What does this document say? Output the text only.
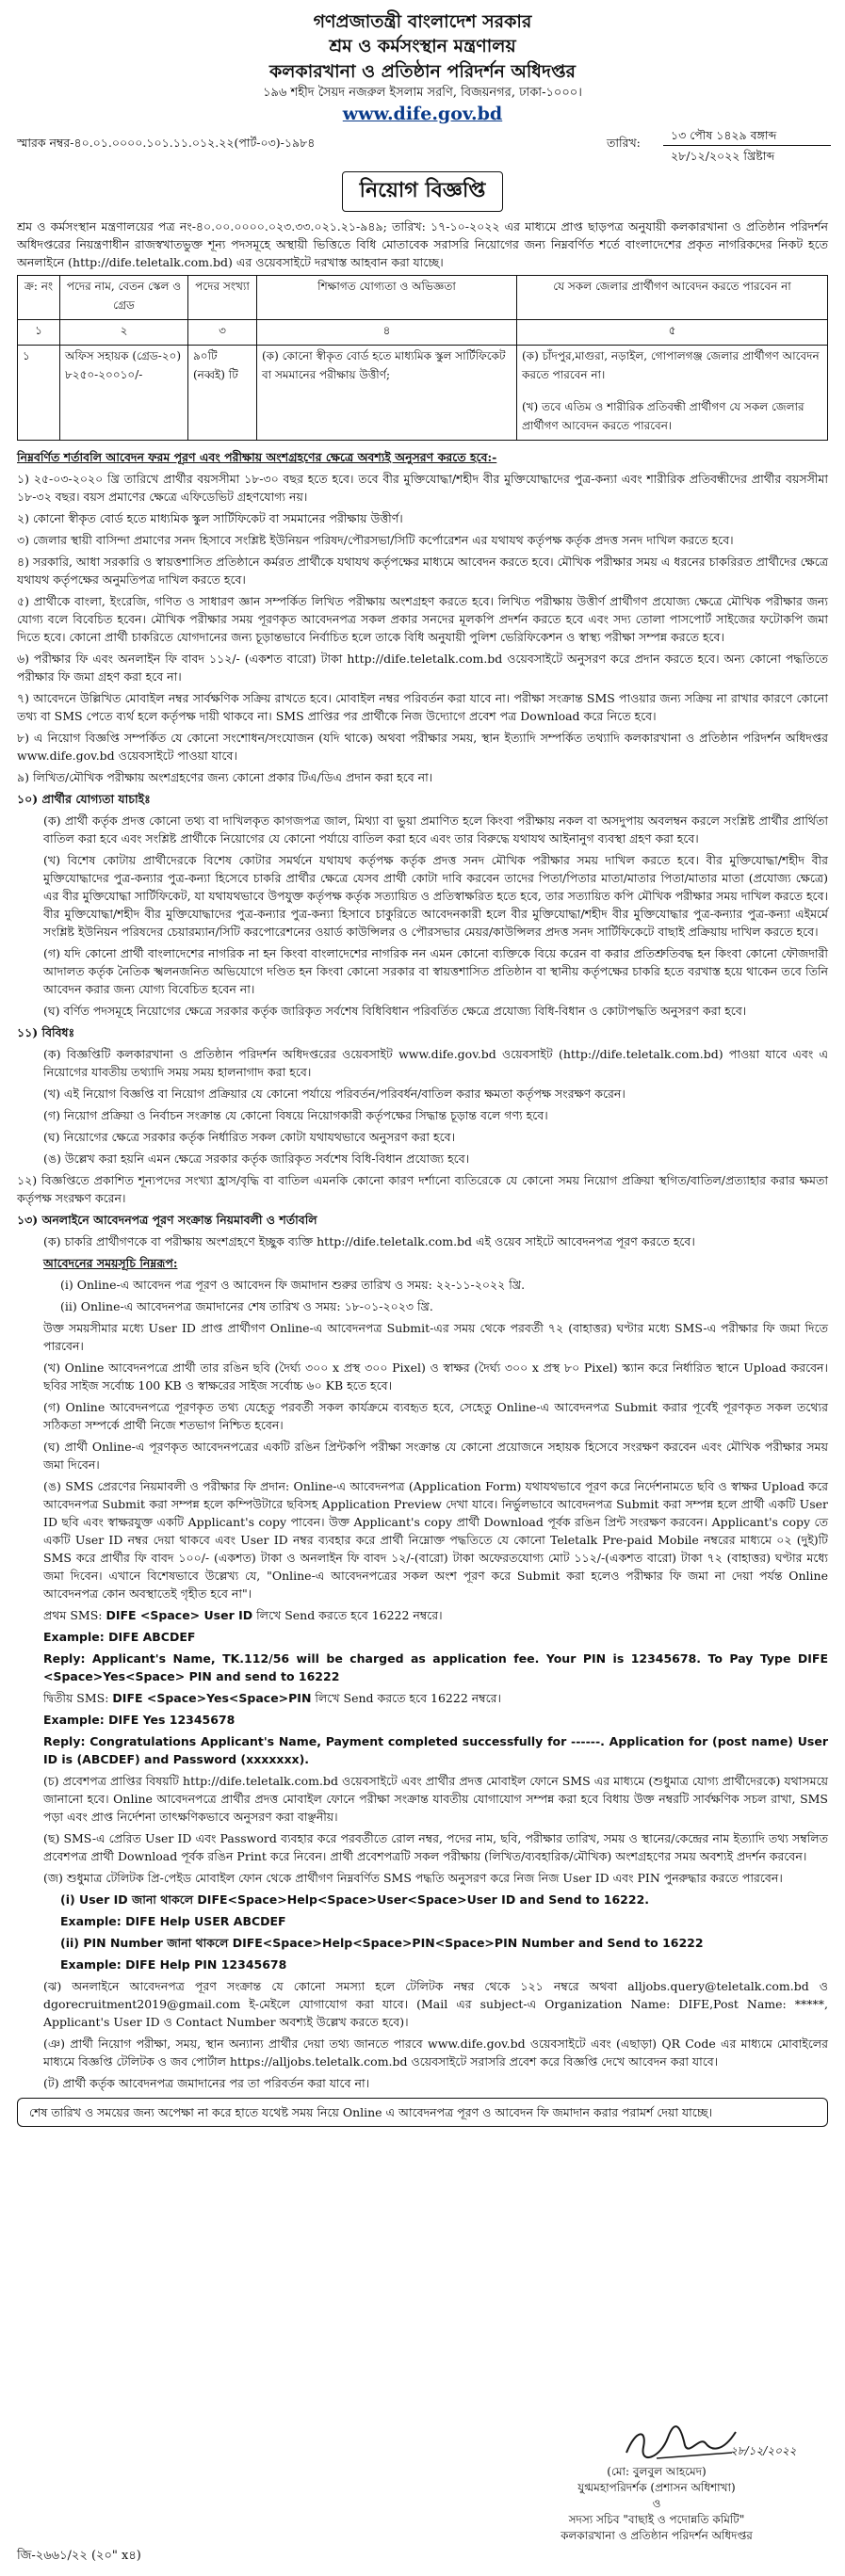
গণপ্রজাতন্ত্রী বাংলাদেশ সরকার
শ্রম ও কর্মসংস্থান মন্ত্রণালয়
কলকারখানা ও প্রতিষ্ঠান পরিদর্শন অধিদপ্তর
১৯৬ শহীদ সৈয়দ নজরুল ইসলাম সরণি, বিজয়নগর, ঢাকা-১০০০।
www.dife.gov.bd
স্মারক নম্বর-৪০.০১.০০০০.১০১.১১.০১২.২২(পার্ট-০৩)-১৯৮৪	তারিখ:
১৩ পৌষ ১৪২৯ বঙ্গাব্দ
২৮/১২/২০২২ খ্রিষ্টাব্দ
নিয়োগ বিজ্ঞপ্তি

শ্রম ও কর্মসংস্থান মন্ত্রণালয়ের পত্র নং-৪০.০০.০০০০.০২৩.৩৩.০২১.২১-৯৪৯; তারিখ: ১৭-১০-২০২২ এর মাধ্যমে প্রাপ্ত ছাড়পত্র অনুযায়ী কলকারখানা ও প্রতিষ্ঠান পরিদর্শন অধিদপ্তরের নিয়ন্ত্রণাধীন রাজস্বখাতভুক্ত শূন্য পদসমূহে অস্থায়ী ভিত্তিতে বিধি মোতাবেক সরাসরি নিয়োগের জন্য নিম্নবর্ণিত শর্তে বাংলাদেশের প্রকৃত নাগরিকদের নিকট হতে অনলাইনে (http://dife.teletalk.com.bd) এর ওয়েবসাইটে দরখাস্ত আহবান করা যাচ্ছে।

ক্র: নং	পদের নাম, বেতন স্কেল ও গ্রেড	পদের সংখ্যা	শিক্ষাগত যোগ্যতা ও অভিজ্ঞতা	যে সকল জেলার প্রার্থীগণ আবেদন করতে পারবেন না
১	২	৩	৪	৫
১	অফিস সহায়ক (গ্রেড-২০) ৮২৫০-২০০১০/-	৯০টি (নব্বই) টি	(ক) কোনো স্বীকৃত বোর্ড হতে মাধ্যমিক স্কুল সার্টিফিকেট বা সমমানের পরীক্ষায় উত্তীর্ণ;	(ক) চাঁদপুর,মাগুরা, নড়াইল, গোপালগঞ্জ জেলার প্রার্থীগণ আবেদন করতে পারবেন না।
(খ) তবে এতিম ও শারীরিক প্রতিবন্ধী প্রার্থীগণ যে সকল জেলার প্রার্থীগণ আবেদন করতে পারবেন।

নিম্নবর্ণিত শর্তাবলি আবেদন ফরম পূরণ এবং পরীক্ষায় অংশগ্রহণের ক্ষেত্রে অবশ্যই অনুসরণ করতে হবে:-

১) ২৫-০৩-২০২০ খ্রি তারিখে প্রার্থীর বয়সসীমা ১৮-৩০ বছর হতে হবে। তবে বীর মুক্তিযোদ্ধা/শহীদ বীর মুক্তিযোদ্ধাদের পুত্র-কন্যা এবং শারীরিক প্রতিবন্ধীদের প্রার্থীর বয়সসীমা ১৮-৩২ বছর। বয়স প্রমাণের ক্ষেত্রে এফিডেভিট গ্রহণযোগ্য নয়।

২) কোনো স্বীকৃত বোর্ড হতে মাধ্যমিক স্কুল সার্টিফিকেট বা সমমানের পরীক্ষায় উত্তীর্ণ।

৩) জেলার স্থায়ী বাসিন্দা প্রমাণের সনদ হিসাবে সংশ্লিষ্ট ইউনিয়ন পরিষদ/পৌরসভা/সিটি কর্পোরেশন এর যথাযথ কর্তৃপক্ষ কর্তৃক প্রদত্ত সনদ দাখিল করতে হবে।

৪) সরকারি, আধা সরকারি ও স্বায়ত্তশাসিত প্রতিষ্ঠানে কর্মরত প্রার্থীকে যথাযথ কর্তৃপক্ষের মাধ্যমে আবেদন করতে হবে। মৌখিক পরীক্ষার সময় এ ধরনের চাকরিরত প্রার্থীদের ক্ষেত্রে যথাযথ কর্তৃপক্ষের অনুমতিপত্র দাখিল করতে হবে।

৫) প্রার্থীকে বাংলা, ইংরেজি, গণিত ও সাধারণ জ্ঞান সম্পর্কিত লিখিত পরীক্ষায় অংশগ্রহণ করতে হবে। লিখিত পরীক্ষায় উত্তীর্ণ প্রার্থীগণ প্রযোজ্য ক্ষেত্রে মৌখিক পরীক্ষার জন্য যোগ্য বলে বিবেচিত হবেন। মৌখিক পরীক্ষার সময় পূরণকৃত আবেদনপত্র সকল প্রকার সনদের মূলকপি প্রদর্শন করতে হবে এবং সদ্য তোলা পাসপোর্ট সাইজের ফটোকপি জমা দিতে হবে। কোনো প্রার্থী চাকরিতে যোগদানের জন্য চূড়ান্তভাবে নির্বাচিত হলে তাকে বিধি অনুযায়ী পুলিশ ভেরিফিকেশন ও স্বাস্থ্য পরীক্ষা সম্পন্ন করতে হবে।

৬) পরীক্ষার ফি এবং অনলাইন ফি বাবদ ১১২/- (একশত বারো) টাকা http://dife.teletalk.com.bd ওয়েবসাইটে অনুসরণ করে প্রদান করতে হবে। অন্য কোনো পদ্ধতিতে পরীক্ষার ফি জমা গ্রহণ করা হবে না।

৭) আবেদনে উল্লিখিত মোবাইল নম্বর সার্বক্ষণিক সক্রিয় রাখতে হবে। মোবাইল নম্বর পরিবর্তন করা যাবে না। পরীক্ষা সংক্রান্ত SMS পাওয়ার জন্য সক্রিয় না রাখার কারণে কোনো তথ্য বা SMS পেতে ব্যর্থ হলে কর্তৃপক্ষ দায়ী থাকবে না। SMS প্রাপ্তির পর প্রার্থীকে নিজ উদ্যোগে প্রবেশ পত্র Download করে নিতে হবে।

৮) এ নিয়োগ বিজ্ঞপ্তি সম্পর্কিত যে কোনো সংশোধন/সংযোজন (যদি থাকে) অথবা পরীক্ষার সময়, স্থান ইত্যাদি সম্পর্কিত তথ্যাদি কলকারখানা ও প্রতিষ্ঠান পরিদর্শন অধিদপ্তর www.dife.gov.bd ওয়েবসাইটে পাওয়া যাবে।

৯) লিখিত/মৌখিক পরীক্ষায় অংশগ্রহণের জন্য কোনো প্রকার টিএ/ডিএ প্রদান করা হবে না।

১০) প্রার্থীর যোগ্যতা যাচাইঃ

(ক) প্রার্থী কর্তৃক প্রদত্ত কোনো তথ্য বা দাখিলকৃত কাগজপত্র জাল, মিথ্যা বা ভুয়া প্রমাণিত হলে কিংবা পরীক্ষায় নকল বা অসদুপায় অবলম্বন করলে সংশ্লিষ্ট প্রার্থীর প্রার্থিতা বাতিল করা হবে এবং সংশ্লিষ্ট প্রার্থীকে নিয়োগের যে কোনো পর্যায়ে বাতিল করা হবে এবং তার বিরুদ্ধে যথাযথ আইনানুগ ব্যবস্থা গ্রহণ করা হবে।

(খ) বিশেষ কোটায় প্রার্থীদেরকে বিশেষ কোটার সমর্থনে যথাযথ কর্তৃপক্ষ কর্তৃক প্রদত্ত সনদ মৌখিক পরীক্ষার সময় দাখিল করতে হবে। বীর মুক্তিযোদ্ধা/শহীদ বীর মুক্তিযোদ্ধাদের পুত্র-কন্যার পুত্র-কন্যা হিসেবে চাকরি প্রার্থীর ক্ষেত্রে যেসব প্রার্থী কোটা দাবি করবেন তাদের পিতা/পিতার মাতা/মাতার পিতা/মাতার মাতা (প্রযোজ্য ক্ষেত্রে) এর বীর মুক্তিযোদ্ধা সার্টিফিকেট, যা যথাযথভাবে উপযুক্ত কর্তৃপক্ষ কর্তৃক সত্যায়িত ও প্রতিস্বাক্ষরিত হতে হবে, তার সত্যায়িত কপি মৌখিক পরীক্ষার সময় দাখিল করতে হবে। বীর মুক্তিযোদ্ধা/শহীদ বীর মুক্তিযোদ্ধাদের পুত্র-কন্যার পুত্র-কন্যা হিসাবে চাকুরিতে আবেদনকারী হলে বীর মুক্তিযোদ্ধা/শহীদ বীর মুক্তিযোদ্ধার পুত্র-কন্যার পুত্র-কন্যা এইমর্মে সংশ্লিষ্ট ইউনিয়ন পরিষদের চেয়ারম্যান/সিটি করপোরেশনের ওয়ার্ড কাউন্সিলর ও পৌরসভার মেয়র/কাউন্সিলর প্রদত্ত সনদ সার্টিফিকেটে বাছাই প্রক্রিয়ায় দাখিল করতে হবে।

(গ) যদি কোনো প্রার্থী বাংলাদেশের নাগরিক না হন কিংবা বাংলাদেশের নাগরিক নন এমন কোনো ব্যক্তিকে বিয়ে করেন বা করার প্রতিশ্রুতিবদ্ধ হন কিংবা কোনো ফৌজদারী আদালত কর্তৃক নৈতিক স্খলনজনিত অভিযোগে দণ্ডিত হন কিংবা কোনো সরকার বা স্বায়ত্তশাসিত প্রতিষ্ঠান বা স্থানীয় কর্তৃপক্ষের চাকরি হতে বরখাস্ত হয়ে থাকেন তবে তিনি আবেদন করার জন্য যোগ্য বিবেচিত হবেন না।

(ঘ) বর্ণিত পদসমূহে নিয়োগের ক্ষেত্রে সরকার কর্তৃক জারিকৃত সর্বশেষ বিধিবিধান পরিবর্তিত ক্ষেত্রে প্রযোজ্য বিধি-বিধান ও কোটাপদ্ধতি অনুসরণ করা হবে।

১১) বিবিধঃ

(ক) বিজ্ঞপ্তিটি কলকারখানা ও প্রতিষ্ঠান পরিদর্শন অধিদপ্তরের ওয়েবসাইট www.dife.gov.bd ওয়েবসাইট (http://dife.teletalk.com.bd) পাওয়া যাবে এবং এ নিয়োগের যাবতীয় তথ্যাদি সময় সময় হালনাগাদ করা হবে।

(খ) এই নিয়োগ বিজ্ঞপ্তি বা নিয়োগ প্রক্রিয়ার যে কোনো পর্যায়ে পরিবর্তন/পরিবর্ধন/বাতিল করার ক্ষমতা কর্তৃপক্ষ সংরক্ষণ করেন।

(গ) নিয়োগ প্রক্রিয়া ও নির্বাচন সংক্রান্ত যে কোনো বিষয়ে নিয়োগকারী কর্তৃপক্ষের সিদ্ধান্ত চূড়ান্ত বলে গণ্য হবে।

(ঘ) নিয়োগের ক্ষেত্রে সরকার কর্তৃক নির্ধারিত সকল কোটা যথাযথভাবে অনুসরণ করা হবে।

(ঙ) উল্লেখ করা হয়নি এমন ক্ষেত্রে সরকার কর্তৃক জারিকৃত সর্বশেষ বিধি-বিধান প্রযোজ্য হবে।

১২) বিজ্ঞপ্তিতে প্রকাশিত শূন্যপদের সংখ্যা হ্রাস/বৃদ্ধি বা বাতিল এমনকি কোনো কারণ দর্শানো ব্যতিরেকে যে কোনো সময় নিয়োগ প্রক্রিয়া স্থগিত/বাতিল/প্রত্যাহার করার ক্ষমতা কর্তৃপক্ষ সংরক্ষণ করেন।

১৩) অনলাইনে আবেদনপত্র পূরণ সংক্রান্ত নিয়মাবলী ও শর্তাবলি

(ক) চাকরি প্রার্থীগণকে বা পরীক্ষায় অংশগ্রহণে ইচ্ছুক ব্যক্তি http://dife.teletalk.com.bd এই ওয়েব সাইটে আবেদনপত্র পূরণ করতে হবে।

আবেদনের সময়সূচি নিম্নরূপ:

(i) Online-এ আবেদন পত্র পূরণ ও আবেদন ফি জমাদান শুরুর তারিখ ও সময়: ২২-১১-২০২২ খ্রি.

(ii) Online-এ আবেদনপত্র জমাদানের শেষ তারিখ ও সময়: ১৮-০১-২০২৩ খ্রি.

উক্ত সময়সীমার মধ্যে User ID প্রাপ্ত প্রার্থীগণ Online-এ আবেদনপত্র Submit-এর সময় থেকে পরবর্তী ৭২ (বাহাত্তর) ঘণ্টার মধ্যে SMS-এ পরীক্ষার ফি জমা দিতে পারবেন।

(খ) Online আবেদনপত্রে প্রার্থী তার রঙিন ছবি (দৈর্ঘ্য ৩০০ x প্রস্থ ৩০০ Pixel) ও স্বাক্ষর (দৈর্ঘ্য ৩০০ x প্রস্থ ৮০ Pixel) স্ক্যান করে নির্ধারিত স্থানে Upload করবেন। ছবির সাইজ সর্বোচ্চ 100 KB ও স্বাক্ষরের সাইজ সর্বোচ্চ ৬০ KB হতে হবে।

(গ) Online আবেদনপত্রে পূরণকৃত তথ্য যেহেতু পরবর্তী সকল কার্যক্রমে ব্যবহৃত হবে, সেহেতু Online-এ আবেদনপত্র Submit করার পূর্বেই পূরণকৃত সকল তথ্যের সঠিকতা সম্পর্কে প্রার্থী নিজে শতভাগ নিশ্চিত হবেন।

(ঘ) প্রার্থী Online-এ পূরণকৃত আবেদনপত্রের একটি রঙিন প্রিন্টকপি পরীক্ষা সংক্রান্ত যে কোনো প্রয়োজনে সহায়ক হিসেবে সংরক্ষণ করবেন এবং মৌখিক পরীক্ষার সময় জমা দিবেন।

(ঙ) SMS প্রেরণের নিয়মাবলী ও পরীক্ষার ফি প্রদান: Online-এ আবেদনপত্র (Application Form) যথাযথভাবে পূরণ করে নির্দেশনামতে ছবি ও স্বাক্ষর Upload করে আবেদনপত্র Submit করা সম্পন্ন হলে কম্পিউটারে ছবিসহ Application Preview দেখা যাবে। নির্ভুলভাবে আবেদনপত্র Submit করা সম্পন্ন হলে প্রার্থী একটি User ID ছবি এবং স্বাক্ষরযুক্ত একটি Applicant's copy পাবেন। উক্ত Applicant's copy প্রার্থী Download পূর্বক রঙিন প্রিন্ট সংরক্ষণ করবেন। Applicant's copy তে একটি User ID নম্বর দেয়া থাকবে এবং User ID নম্বর ব্যবহার করে প্রার্থী নিম্নোক্ত পদ্ধতিতে যে কোনো Teletalk Pre-paid Mobile নম্বরের মাধ্যমে ০২ (দুই)টি SMS করে প্রার্থীর ফি বাবদ ১০০/- (একশত) টাকা ও অনলাইন ফি বাবদ ১২/-(বারো) টাকা অফেরতযোগ্য মোট ১১২/-(একশত বারো) টাকা ৭২ (বাহাত্তর) ঘণ্টার মধ্যে জমা দিবেন। এখানে বিশেষভাবে উল্লেখ্য যে, "Online-এ আবেদনপত্রের সকল অংশ পূরণ করে Submit করা হলেও পরীক্ষার ফি জমা না দেয়া পর্যন্ত Online আবেদনপত্র কোন অবস্থাতেই গৃহীত হবে না"।

প্রথম SMS: DIFE <Space> User ID লিখে Send করতে হবে 16222 নম্বরে।

Example: DIFE ABCDEF

Reply: Applicant's Name, TK.112/56 will be charged as application fee. Your PIN is 12345678. To Pay Type DIFE <Space>Yes<Space> PIN and send to 16222

দ্বিতীয় SMS: DIFE <Space>Yes<Space>PIN লিখে Send করতে হবে 16222 নম্বরে।

Example: DIFE Yes 12345678

Reply: Congratulations Applicant's Name, Payment completed successfully for ------. Application for (post name) User ID is (ABCDEF) and Password (xxxxxxx).

(চ) প্রবেশপত্র প্রাপ্তির বিষয়টি http://dife.teletalk.com.bd ওয়েবসাইটে এবং প্রার্থীর প্রদত্ত মোবাইল ফোনে SMS এর মাধ্যমে (শুধুমাত্র যোগ্য প্রার্থীদেরকে) যথাসময়ে জানানো হবে। Online আবেদনপত্রে প্রার্থীর প্রদত্ত মোবাইল ফোনে পরীক্ষা সংক্রান্ত যাবতীয় যোগাযোগ সম্পন্ন করা হবে বিধায় উক্ত নম্বরটি সার্বক্ষণিক সচল রাখা, SMS পড়া এবং প্রাপ্ত নির্দেশনা তাৎক্ষণিকভাবে অনুসরণ করা বাঞ্ছনীয়।

(ছ) SMS-এ প্রেরিত User ID এবং Password ব্যবহার করে পরবর্তীতে রোল নম্বর, পদের নাম, ছবি, পরীক্ষার তারিখ, সময় ও স্থানের/কেন্দ্রের নাম ইত্যাদি তথ্য সম্বলিত প্রবেশপত্র প্রার্থী Download পূর্বক রঙিন Print করে নিবেন। প্রার্থী প্রবেশপত্রটি সকল পরীক্ষায় (লিখিত/ব্যবহারিক/মৌখিক) অংশগ্রহণের সময় অবশ্যই প্রদর্শন করবেন।

(জ) শুধুমাত্র টেলিটক প্রি-পেইড মোবাইল ফোন থেকে প্রার্থীগণ নিম্নবর্ণিত SMS পদ্ধতি অনুসরণ করে নিজ নিজ User ID এবং PIN পুনরুদ্ধার করতে পারবেন।

(i) User ID জানা থাকলে DIFE<Space>Help<Space>User<Space>User ID and Send to 16222.

Example: DIFE Help USER ABCDEF

(ii) PIN Number জানা থাকলে DIFE<Space>Help<Space>PIN<Space>PIN Number and Send to 16222

Example: DIFE Help PIN 12345678

(ঝ) অনলাইনে আবেদনপত্র পূরণ সংক্রান্ত যে কোনো সমস্যা হলে টেলিটক নম্বর থেকে ১২১ নম্বরে অথবা alljobs.query@teletalk.com.bd ও dgorecruitment2019@gmail.com ই-মেইলে যোগাযোগ করা যাবে। (Mail এর subject-এ Organization Name: DIFE,Post Name: *****, Applicant's User ID ও Contact Number অবশ্যই উল্লেখ করতে হবে)।

(ঞ) প্রার্থী নিয়োগ পরীক্ষা, সময়, স্থান অন্যান্য প্রার্থীর দেয়া তথ্য জানতে পারবে www.dife.gov.bd ওয়েবসাইটে এবং (এছাড়া) QR Code এর মাধ্যমে মোবাইলের মাধ্যমে বিজ্ঞপ্তি টেলিটক ও জব পোর্টাল https://alljobs.teletalk.com.bd ওয়েবসাইটে সরাসরি প্রবেশ করে বিজ্ঞপ্তি দেখে আবেদন করা যাবে।

(ট) প্রার্থী কর্তৃক আবেদনপত্র জমাদানের পর তা পরিবর্তন করা যাবে না।

শেষ তারিখ ও সময়ের জন্য অপেক্ষা না করে হাতে যথেষ্ট সময় নিয়ে Online এ আবেদনপত্র পূরণ ও আবেদন ফি জমাদান করার পরামর্শ দেয়া যাচ্ছে।
২৮/১২/২০২২
(মো: বুলবুল আহমেদ)
যুগ্মমহাপরিদর্শক (প্রশাসন অধিশাখা)
ও
সদস্য সচিব "বাছাই ও পদোন্নতি কমিটি"
কলকারখানা ও প্রতিষ্ঠান পরিদর্শন অধিদপ্তর
জি-২৬৬১/২২ (২০" x৪)
